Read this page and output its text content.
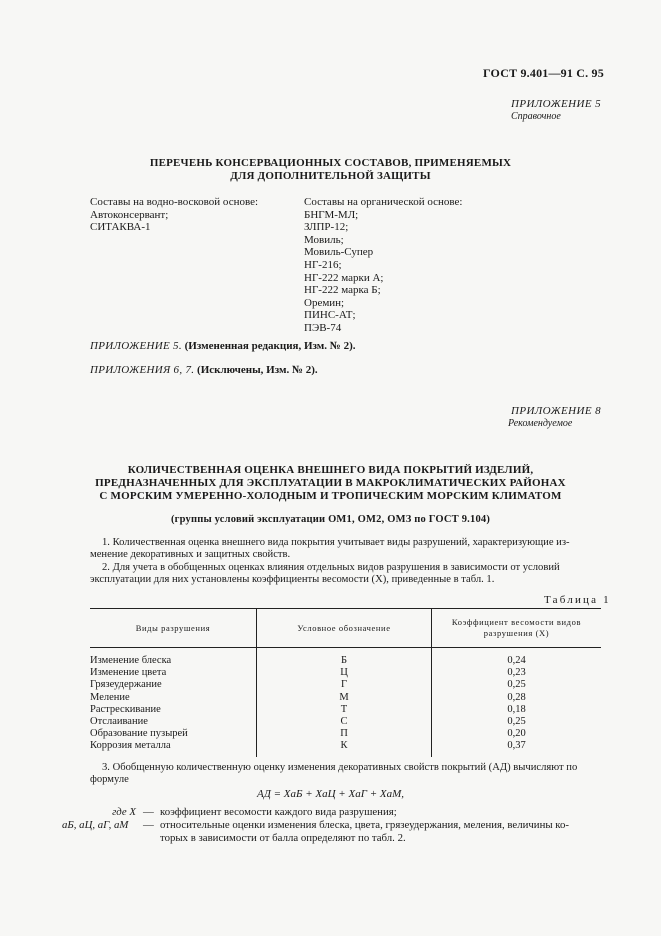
ГОСТ 9.401—91 С. 95
ПРИЛОЖЕНИЕ 5
Справочное
ПЕРЕЧЕНЬ КОНСЕРВАЦИОННЫХ СОСТАВОВ, ПРИМЕНЯЕМЫХ
ДЛЯ ДОПОЛНИТЕЛЬНОЙ ЗАЩИТЫ
Составы на водно-восковой основе:
Автоконсервант;
СИТАКВА-1
Составы на органической основе:
БНГМ-МЛ;
ЗЛПР-12;
Мовиль;
Мовиль-Супер
НГ-216;
НГ-222 марки А;
НГ-222 марка Б;
Оремин;
ПИНС-АТ;
ПЭВ-74
ПРИЛОЖЕНИЕ 5. (Измененная редакция, Изм. № 2).
ПРИЛОЖЕНИЯ 6, 7. (Исключены, Изм. № 2).
ПРИЛОЖЕНИЕ 8
Рекомендуемое
КОЛИЧЕСТВЕННАЯ ОЦЕНКА ВНЕШНЕГО ВИДА ПОКРЫТИЙ ИЗДЕЛИЙ,
ПРЕДНАЗНАЧЕННЫХ ДЛЯ ЭКСПЛУАТАЦИИ В МАКРОКЛИМАТИЧЕСКИХ РАЙОНАХ
С МОРСКИМ УМЕРЕННО-ХОЛОДНЫМ И ТРОПИЧЕСКИМ МОРСКИМ КЛИМАТОМ
(группы условий эксплуатации ОМ1, ОМ2, ОМЗ по ГОСТ 9.104)
1. Количественная оценка внешнего вида покрытия учитывает виды разрушений, характеризующие из-менение декоративных и защитных свойств.
2. Для учета в обобщенных оценках влияния отдельных видов разрушения в зависимости от условий эксплуатации для них установлены коэффициенты весомости (X), приведенные в табл. 1.
Таблица 1
Виды разрушения	Условное обозначение	Коэффициент весомости видов разрушения (X)
Изменение блеска	Б	0,24
Изменение цвета	Ц	0,23
Грязеудержание	Г	0,25
Меление	М	0,28
Растрескивание	Т	0,18
Отслаивание	С	0,25
Образование пузырей	П	0,20
Коррозия металла	К	0,37
3. Обобщенную количественную оценку изменения декоративных свойств покрытий (АД) вычисляют по формуле
АД = ХаБ + ХаЦ + ХаГ + ХаМ,
где X — коэффициент весомости каждого вида разрушения;
аБ, аЦ, аГ, аМ — относительные оценки изменения блеска, цвета, грязеудержания, меления, величины ко-
торых в зависимости от балла определяют по табл. 2.
